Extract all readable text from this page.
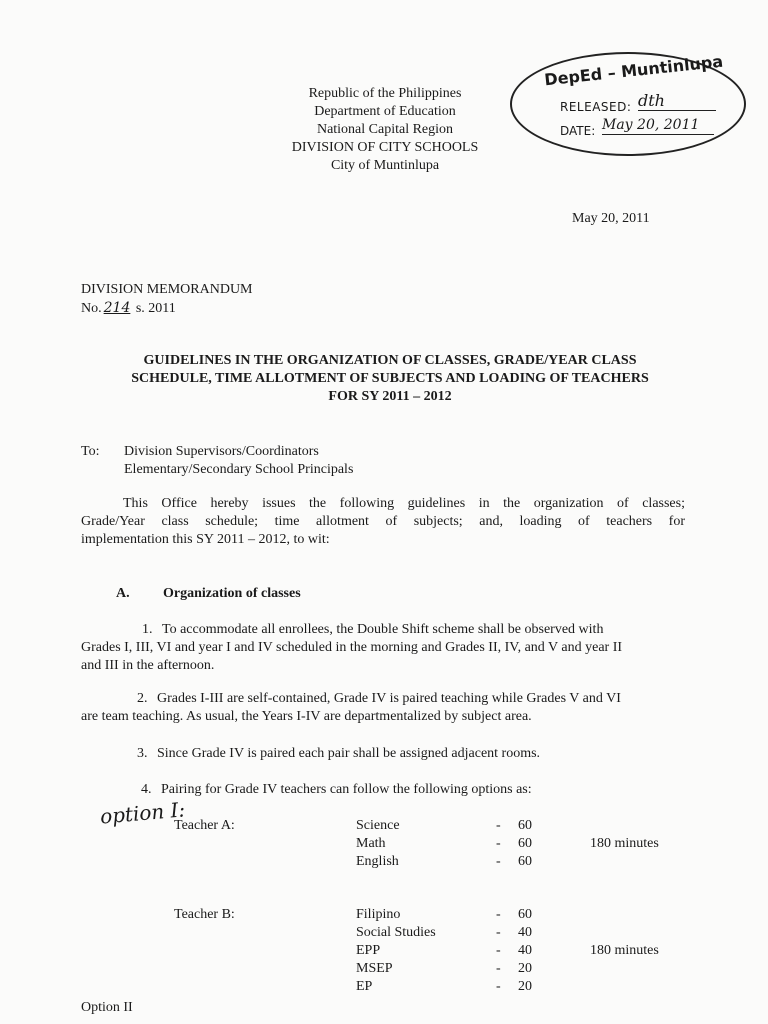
Republic of the Philippines
Department of Education
National Capital Region
DIVISION OF CITY SCHOOLS
City of Muntinlupa
DepEd – Muntinlupa
RELEASED: dth
DATE: May 20, 2011
May 20, 2011
DIVISION MEMORANDUM
No. 214 s. 2011
GUIDELINES IN THE ORGANIZATION OF CLASSES, GRADE/YEAR CLASS
SCHEDULE, TIME ALLOTMENT OF SUBJECTS AND LOADING OF TEACHERS
FOR SY 2011 – 2012
To: Division Supervisors/Coordinators
Elementary/Secondary School Principals
This Office hereby issues the following guidelines in the organization of classes;
Grade/Year class schedule; time allotment of subjects; and, loading of teachers for
implementation this SY 2011 – 2012, to wit:
A. Organization of classes
1. To accommodate all enrollees, the Double Shift scheme shall be observed with
Grades I, III, VI and year I and IV scheduled in the morning and Grades II, IV, and V and year II
and III in the afternoon.
2. Grades I-III are self-contained, Grade IV is paired teaching while Grades V and VI
are team teaching. As usual, the Years I-IV are departmentalized by subject area.
3. Since Grade IV is paired each pair shall be assigned adjacent rooms.
4. Pairing for Grade IV teachers can follow the following options as:
option I:
Teacher A:	Science	- 60
Math	- 60	180 minutes
English	- 60
Teacher B:	Filipino	- 60
Social Studies	- 40
EPP	- 40	180 minutes
MSEP	- 20
EP	- 20
Option II
